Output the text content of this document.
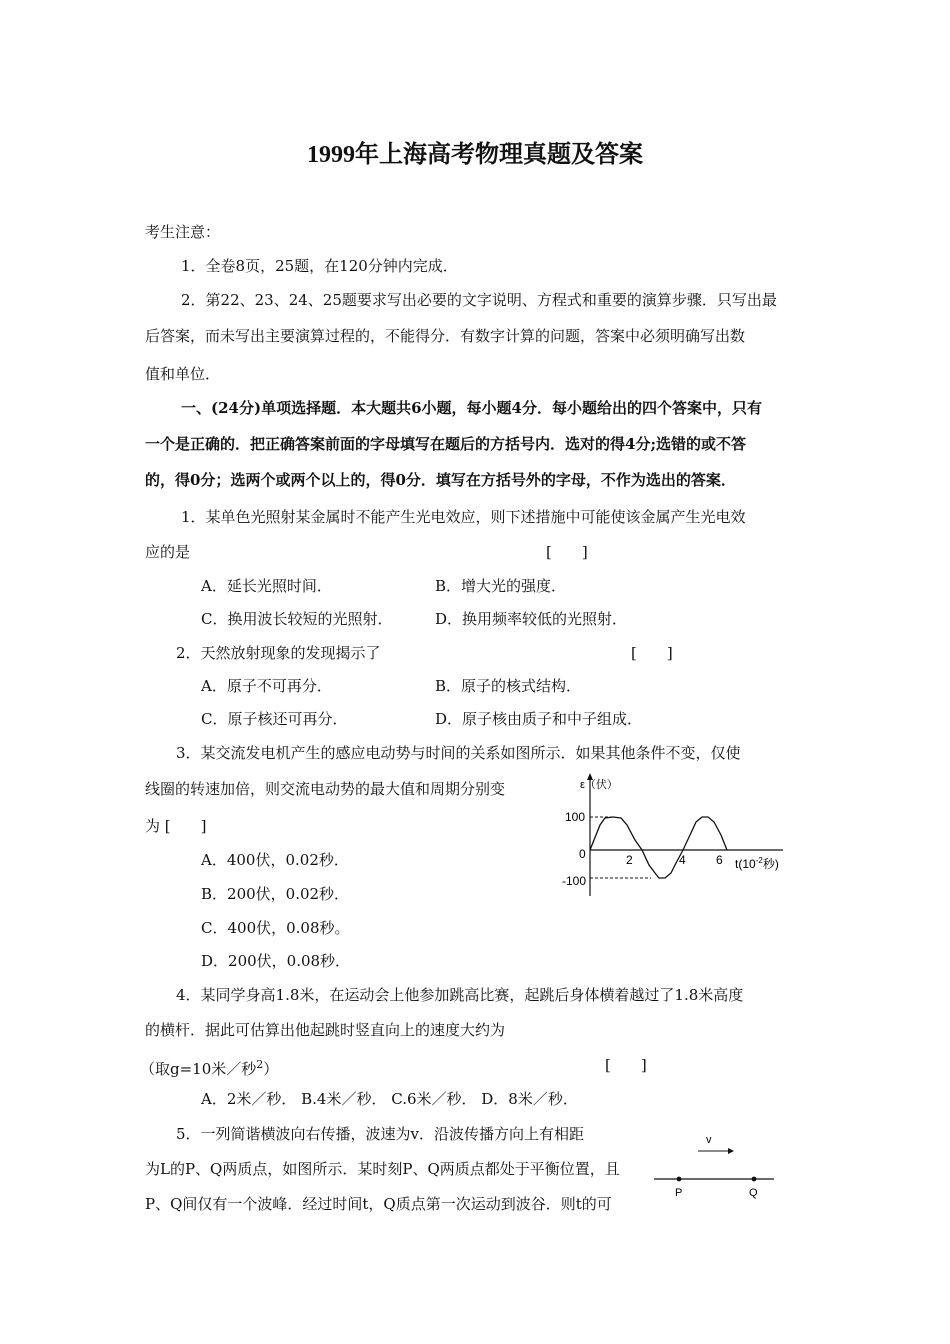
1999年上海高考物理真题及答案
考生注意：
1．全卷8页，25题，在120分钟内完成．
2．第22、23、24、25题要求写出必要的文字说明、方程式和重要的演算步骤．只写出最
后答案，而未写出主要演算过程的，不能得分．有数字计算的问题，答案中必须明确写出数
值和单位．
一、(24分)单项选择题．本大题共6小题，每小题4分．每小题给出的四个答案中，只有
一个是正确的．把正确答案前面的字母填写在题后的方括号内．选对的得4分;选错的或不答
的，得0分；选两个或两个以上的，得0分．填写在方括号外的字母，不作为选出的答案．
1．某单色光照射某金属时不能产生光电效应，则下述措施中可能使该金属产生光电效
应的是	[　　]
A．延长光照时间．	B．增大光的强度．
C．换用波长较短的光照射．	D．换用频率较低的光照射．
2．天然放射现象的发现揭示了	[　　]
A．原子不可再分．	B．原子的核式结构．
C．原子核还可再分．	D．原子核由质子和中子组成．
3．某交流发电机产生的感应电动势与时间的关系如图所示．如果其他条件不变，仅使
线圈的转速加倍，则交流电动势的最大值和周期分别变
为 [　　]
A．400伏，0.02秒．
B．200伏，0.02秒．
C．400伏，0.08秒。
D．200伏，0.08秒．
ε（伏）
100
0
-100
2	4	6 $t(10^{-2}$秒)
4．某同学身高1.8米，在运动会上他参加跳高比赛，起跳后身体横着越过了1.8米高度
的横杆．据此可估算出他起跳时竖直向上的速度大约为
（取g=10米／秒$^2$）	[　　]
A．2米／秒． B.4米／秒． C.6米／秒． D．8米／秒．
5．一列简谐横波向右传播，波速为v．沿波传播方向上有相距
为L的P、Q两质点，如图所示．某时刻P、Q两质点都处于平衡位置，且
P、Q间仅有一个波峰．经过时间t，Q质点第一次运动到波谷．则t的可
v
P	Q
